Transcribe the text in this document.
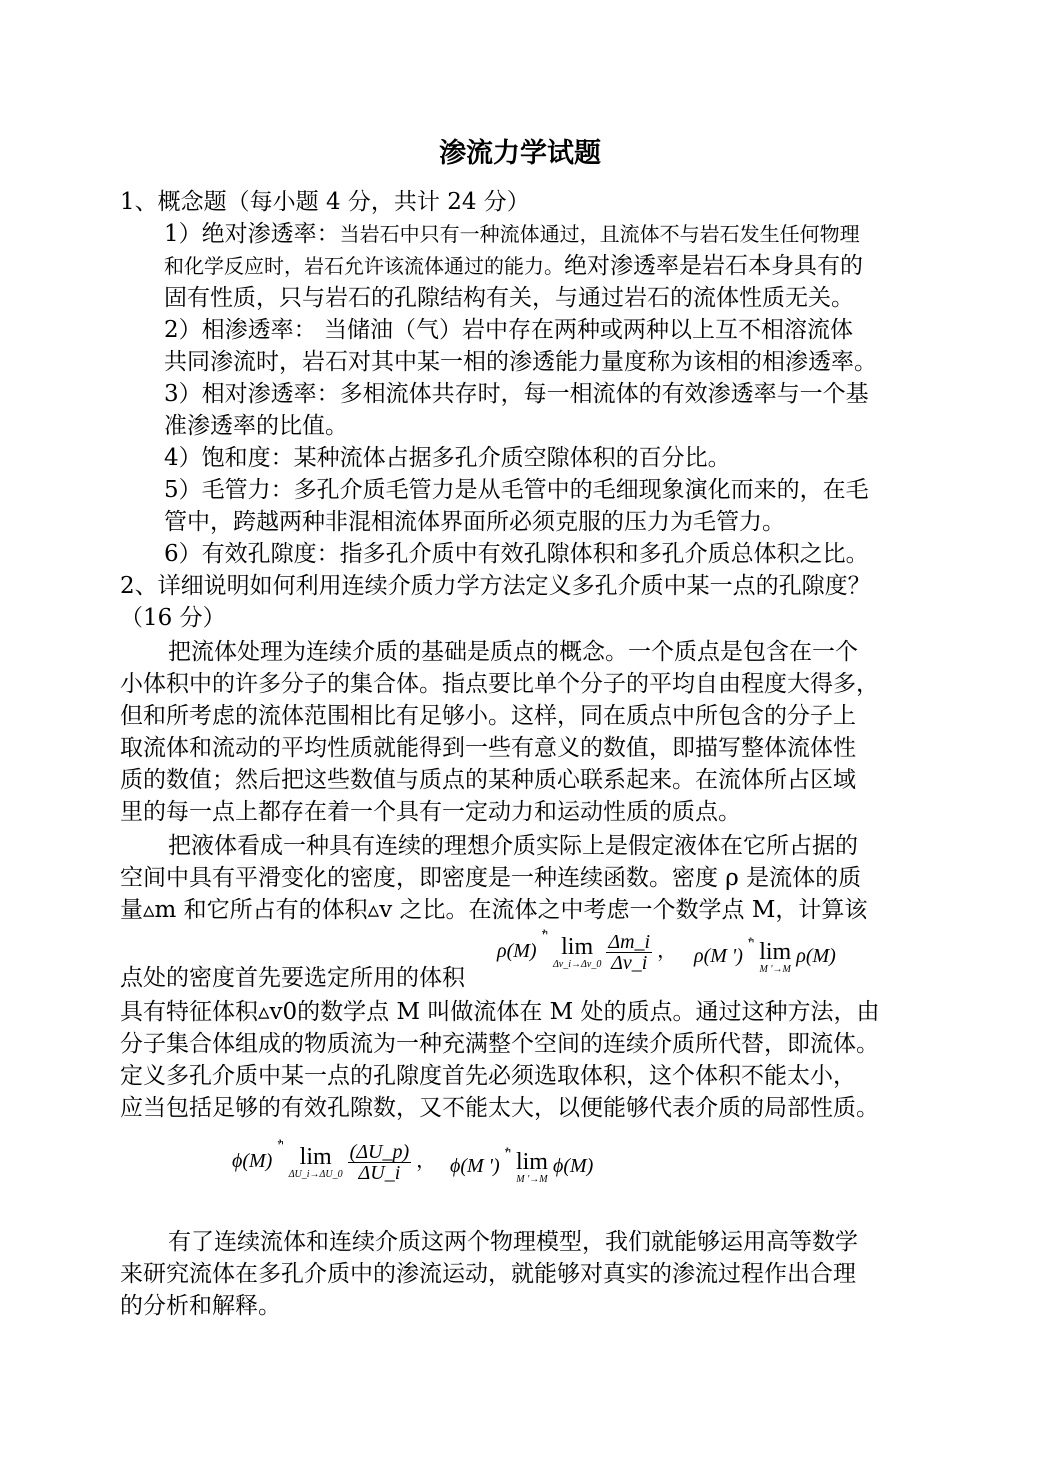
渗流力学试题
1、概念题（每小题 4 分，共计 24 分）
1）绝对渗透率：当岩石中只有一种流体通过，且流体不与岩石发生任何物理
和化学反应时，岩石允许该流体通过的能力。绝对渗透率是岩石本身具有的
固有性质，只与岩石的孔隙结构有关，与通过岩石的流体性质无关。
2）相渗透率： 当储油（气）岩中存在两种或两种以上互不相溶流体
共同渗流时，岩石对其中某一相的渗透能力量度称为该相的相渗透率。
3）相对渗透率：多相流体共存时，每一相流体的有效渗透率与一个基
准渗透率的比值。
4）饱和度：某种流体占据多孔介质空隙体积的百分比。
5）毛管力：多孔介质毛管力是从毛管中的毛细现象演化而来的，在毛
管中，跨越两种非混相流体界面所必须克服的压力为毛管力。
6）有效孔隙度：指多孔介质中有效孔隙体积和多孔介质总体积之比。
2、详细说明如何利用连续介质力学方法定义多孔介质中某一点的孔隙度？
（16 分）
把流体处理为连续介质的基础是质点的概念。一个质点是包含在一个
小体积中的许多分子的集合体。指点要比单个分子的平均自由程度大得多，
但和所考虑的流体范围相比有足够小。这样，同在质点中所包含的分子上
取流体和流动的平均性质就能得到一些有意义的数值，即描写整体流体性
质的数值；然后把这些数值与质点的某种质心联系起来。在流体所占区域
里的每一点上都存在着一个具有一定动力和运动性质的质点。
把液体看成一种具有连续的理想介质实际上是假定液体在它所占据的
空间中具有平滑变化的密度，即密度是一种连续函数。密度 ρ 是流体的质
量▵m 和它所占有的体积▵v 之比。在流体之中考虑一个数学点 M，计算该
点处的密度首先要选定所用的体积
ρ(M) $^ׯ$ lim
Δv_i→Δv_0
$\frac{\Delta m\_i}{\Delta v\_i}$ ， ρ(M ') $^ׯ$ lim
M '→M
ρ(M)
具有特征体积▵v0的数学点 M 叫做流体在 M 处的质点。通过这种方法，由
分子集合体组成的物质流为一种充满整个空间的连续介质所代替，即流体。
定义多孔介质中某一点的孔隙度首先必须选取体积，这个体积不能太小，
应当包括足够的有效孔隙数，又不能太大，以便能够代表介质的局部性质。
ϕ(M) $^ׯ$ lim
ΔU_i→ΔU_0
$\frac{(\Delta U\_p)}{\Delta U\_i}$ ， ϕ(M ') $^ׯ$ lim
M '→M
ϕ(M)
有了连续流体和连续介质这两个物理模型，我们就能够运用高等数学
来研究流体在多孔介质中的渗流运动，就能够对真实的渗流过程作出合理
的分析和解释。
